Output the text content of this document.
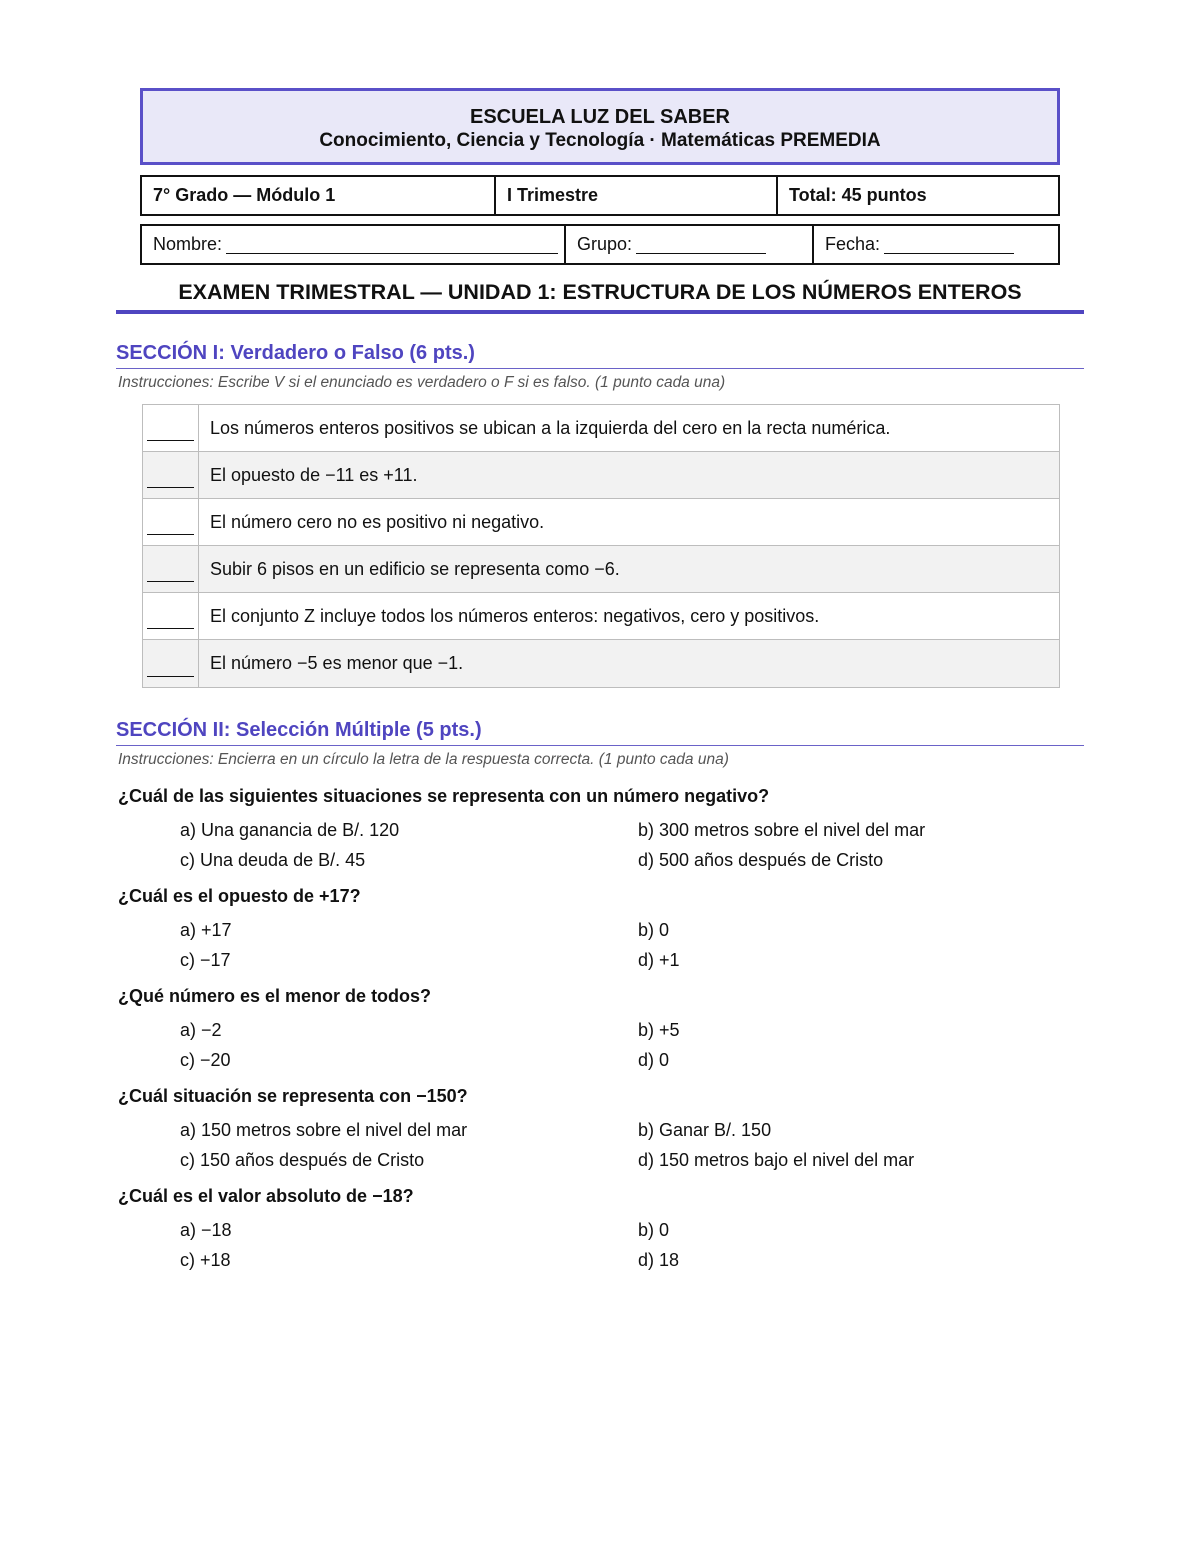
ESCUELA LUZ DEL SABER
Conocimiento, Ciencia y Tecnología · Matemáticas PREMEDIA
7° Grado — Módulo 1	I Trimestre	Total: 45 puntos
Nombre:	Grupo:	Fecha:
EXAMEN TRIMESTRAL — UNIDAD 1: ESTRUCTURA DE LOS NÚMEROS ENTEROS
SECCIÓN I: Verdadero o Falso (6 pts.)
Instrucciones: Escribe V si el enunciado es verdadero o F si es falso. (1 punto cada una)
Los números enteros positivos se ubican a la izquierda del cero en la recta numérica.
El opuesto de −11 es +11.
El número cero no es positivo ni negativo.
Subir 6 pisos en un edificio se representa como −6.
El conjunto Z incluye todos los números enteros: negativos, cero y positivos.
El número −5 es menor que −1.
SECCIÓN II: Selección Múltiple (5 pts.)
Instrucciones: Encierra en un círculo la letra de la respuesta correcta. (1 punto cada una)
¿Cuál de las siguientes situaciones se representa con un número negativo?
a) Una ganancia de B/. 120	b) 300 metros sobre el nivel del mar
c) Una deuda de B/. 45	d) 500 años después de Cristo
¿Cuál es el opuesto de +17?
a) +17	b) 0
c) −17	d) +1
¿Qué número es el menor de todos?
a) −2	b) +5
c) −20	d) 0
¿Cuál situación se representa con −150?
a) 150 metros sobre el nivel del mar	b) Ganar B/. 150
c) 150 años después de Cristo	d) 150 metros bajo el nivel del mar
¿Cuál es el valor absoluto de −18?
a) −18	b) 0
c) +18	d) 18
